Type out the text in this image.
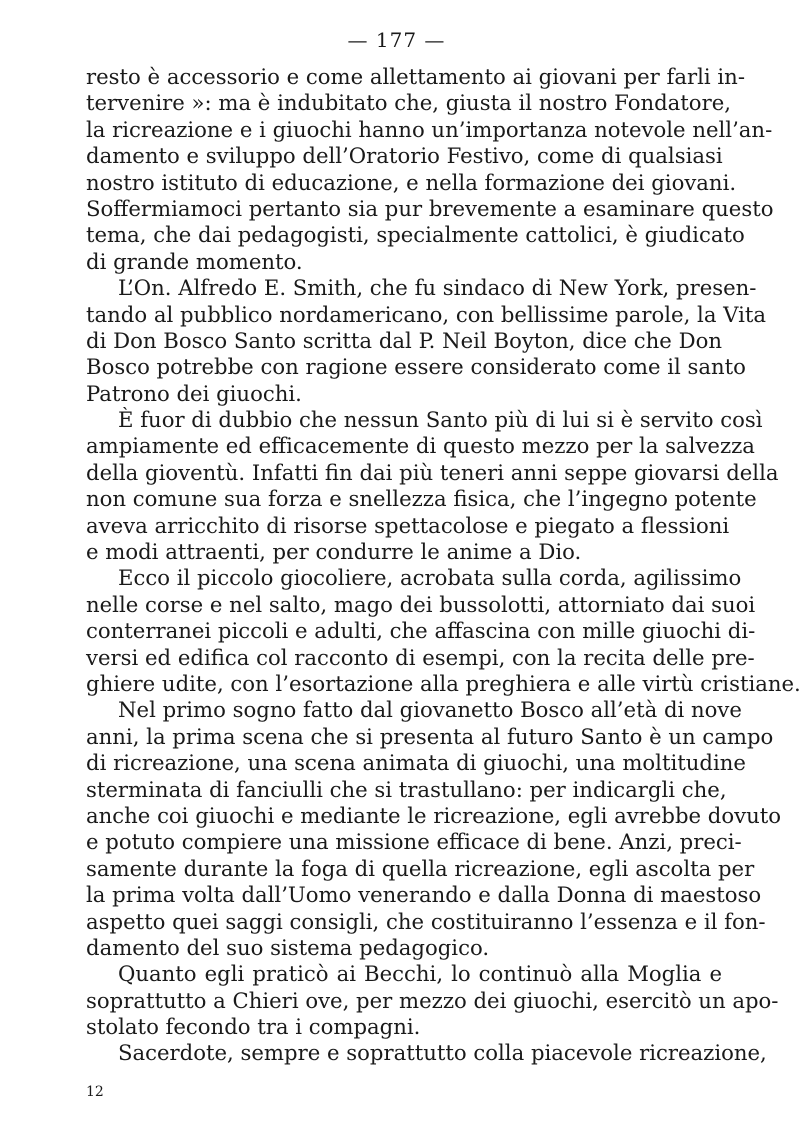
— 177 —
resto è accessorio e come allettamento ai giovani per farli in-
tervenire »: ma è indubitato che, giusta il nostro Fondatore,
la ricreazione e i giuochi hanno un’importanza notevole nell’an-
damento e sviluppo dell’Oratorio Festivo, come di qualsiasi
nostro istituto di educazione, e nella formazione dei giovani.
Soffermiamoci pertanto sia pur brevemente a esaminare questo
tema, che dai pedagogisti, specialmente cattolici, è giudicato
di grande momento.
L’On. Alfredo E. Smith, che fu sindaco di New York, presen-
tando al pubblico nordamericano, con bellissime parole, la Vita
di Don Bosco Santo scritta dal P. Neil Boyton, dice che Don
Bosco potrebbe con ragione essere considerato come il santo
Patrono dei giuochi.
È fuor di dubbio che nessun Santo più di lui si è servito così
ampiamente ed efficacemente di questo mezzo per la salvezza
della gioventù. Infatti fin dai più teneri anni seppe giovarsi della
non comune sua forza e snellezza fisica, che l’ingegno potente
aveva arricchito di risorse spettacolose e piegato a flessioni
e modi attraenti, per condurre le anime a Dio.
Ecco il piccolo giocoliere, acrobata sulla corda, agilissimo
nelle corse e nel salto, mago dei bussolotti, attorniato dai suoi
conterranei piccoli e adulti, che affascina con mille giuochi di-
versi ed edifica col racconto di esempi, con la recita delle pre-
ghiere udite, con l’esortazione alla preghiera e alle virtù cristiane.
Nel primo sogno fatto dal giovanetto Bosco all’età di nove
anni, la prima scena che si presenta al futuro Santo è un campo
di ricreazione, una scena animata di giuochi, una moltitudine
sterminata di fanciulli che si trastullano: per indicargli che,
anche coi giuochi e mediante le ricreazione, egli avrebbe dovuto
e potuto compiere una missione efficace di bene. Anzi, preci-
samente durante la foga di quella ricreazione, egli ascolta per
la prima volta dall’Uomo venerando e dalla Donna di maestoso
aspetto quei saggi consigli, che costituiranno l’essenza e il fon-
damento del suo sistema pedagogico.
Quanto egli praticò ai Becchi, lo continuò alla Moglia e
soprattutto a Chieri ove, per mezzo dei giuochi, esercitò un apo-
stolato fecondo tra i compagni.
Sacerdote, sempre e soprattutto colla piacevole ricreazione,
12
